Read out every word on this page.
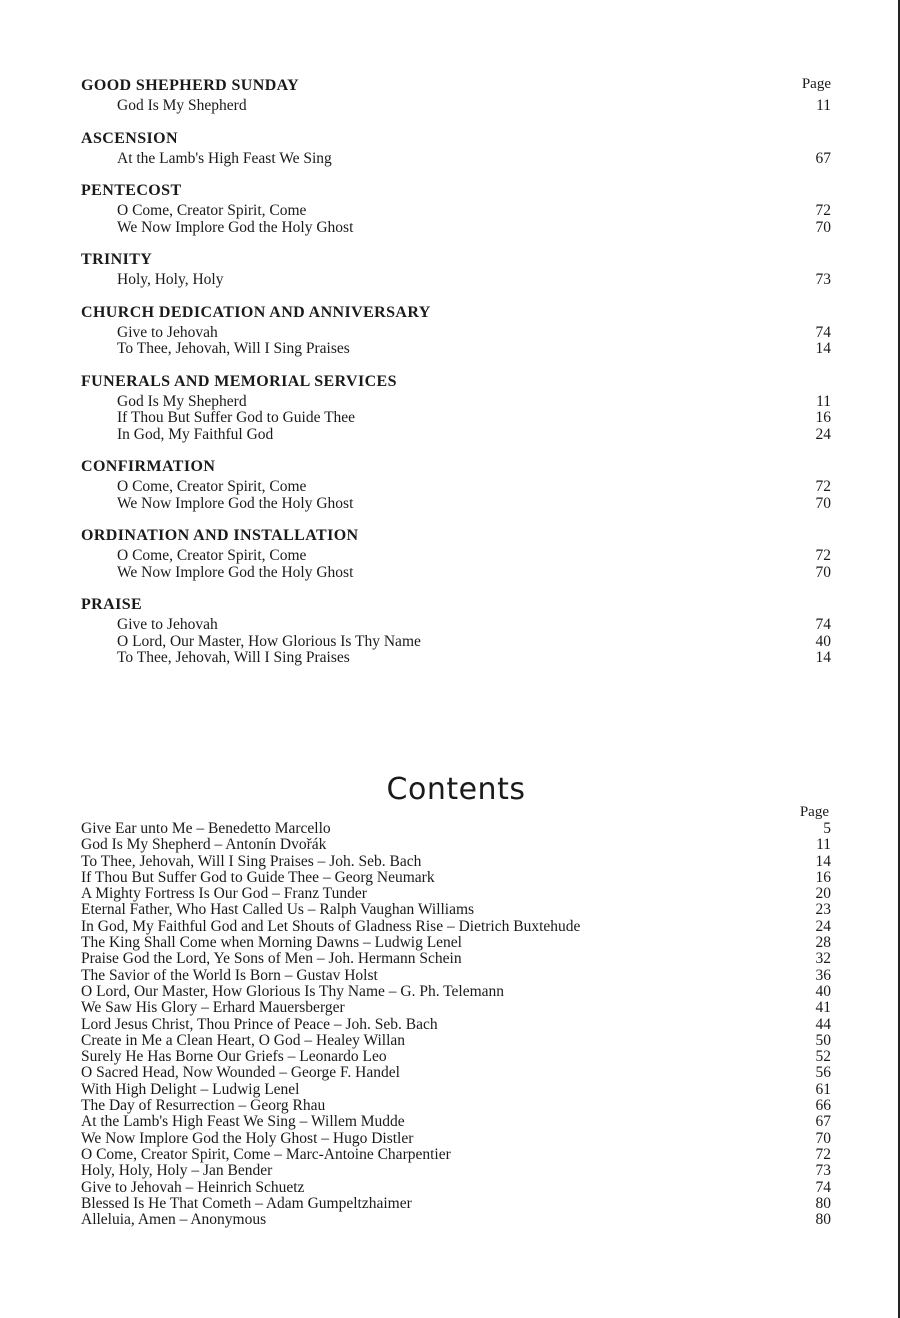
Page
GOOD SHEPHERD SUNDAY
God Is My Shepherd	11
ASCENSION
At the Lamb's High Feast We Sing	67
PENTECOST
O Come, Creator Spirit, Come	72
We Now Implore God the Holy Ghost	70
TRINITY
Holy, Holy, Holy	73
CHURCH DEDICATION AND ANNIVERSARY
Give to Jehovah	74
To Thee, Jehovah, Will I Sing Praises	14
FUNERALS AND MEMORIAL SERVICES
God Is My Shepherd	11
If Thou But Suffer God to Guide Thee	16
In God, My Faithful God	24
CONFIRMATION
O Come, Creator Spirit, Come	72
We Now Implore God the Holy Ghost	70
ORDINATION AND INSTALLATION
O Come, Creator Spirit, Come	72
We Now Implore God the Holy Ghost	70
PRAISE
Give to Jehovah	74
O Lord, Our Master, How Glorious Is Thy Name	40
To Thee, Jehovah, Will I Sing Praises	14
Contents
Page
Give Ear unto Me – Benedetto Marcello	5
God Is My Shepherd – Antonín Dvořák	11
To Thee, Jehovah, Will I Sing Praises – Joh. Seb. Bach	14
If Thou But Suffer God to Guide Thee – Georg Neumark	16
A Mighty Fortress Is Our God – Franz Tunder	20
Eternal Father, Who Hast Called Us – Ralph Vaughan Williams	23
In God, My Faithful God and Let Shouts of Gladness Rise – Dietrich Buxtehude	24
The King Shall Come when Morning Dawns – Ludwig Lenel	28
Praise God the Lord, Ye Sons of Men – Joh. Hermann Schein	32
The Savior of the World Is Born – Gustav Holst	36
O Lord, Our Master, How Glorious Is Thy Name – G. Ph. Telemann	40
We Saw His Glory – Erhard Mauersberger	41
Lord Jesus Christ, Thou Prince of Peace – Joh. Seb. Bach	44
Create in Me a Clean Heart, O God – Healey Willan	50
Surely He Has Borne Our Griefs – Leonardo Leo	52
O Sacred Head, Now Wounded – George F. Handel	56
With High Delight – Ludwig Lenel	61
The Day of Resurrection – Georg Rhau	66
At the Lamb's High Feast We Sing – Willem Mudde	67
We Now Implore God the Holy Ghost – Hugo Distler	70
O Come, Creator Spirit, Come – Marc-Antoine Charpentier	72
Holy, Holy, Holy – Jan Bender	73
Give to Jehovah – Heinrich Schuetz	74
Blessed Is He That Cometh – Adam Gumpeltzhaimer	80
Alleluia, Amen – Anonymous	80
